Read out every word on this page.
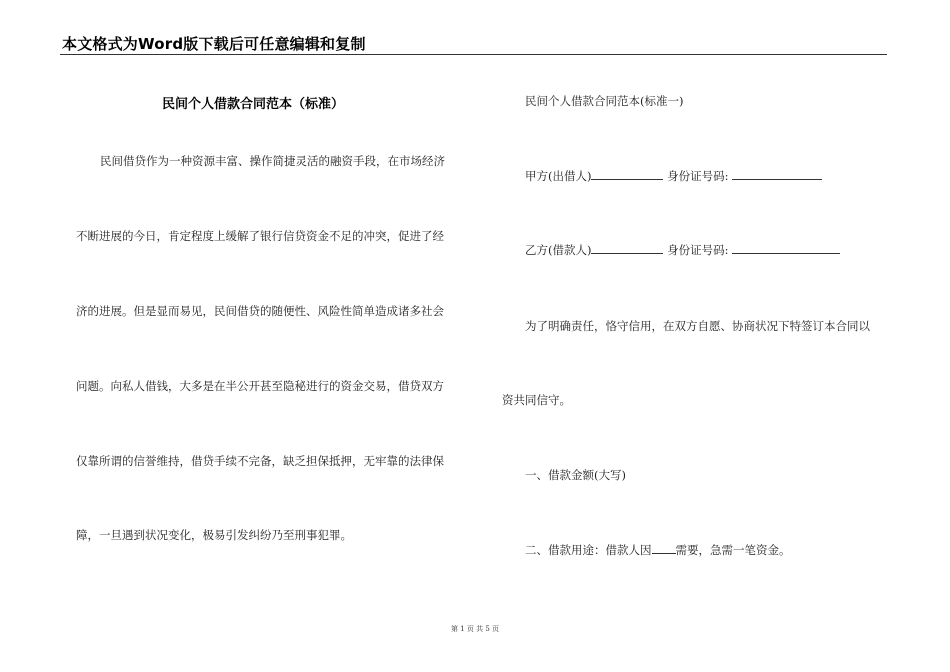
本文格式为Word版下载后可任意编辑和复制
民间个人借款合同范本（标准）
民间借贷作为一种资源丰富、操作简捷灵活的融资手段，在市场经济
不断进展的今日，肯定程度上缓解了银行信贷资金不足的冲突，促进了经
济的进展。但是显而易见，民间借贷的随便性、风险性简单造成诸多社会
问题。向私人借钱，大多是在半公开甚至隐秘进行的资金交易，借贷双方
仅靠所谓的信誉维持，借贷手续不完备，缺乏担保抵押，无牢靠的法律保
障，一旦遇到状况变化，极易引发纠纷乃至刑事犯罪。
民间个人借款合同范本(标准一)
甲方(出借人)	身份证号码:
乙方(借款人)	身份证号码:
为了明确责任，恪守信用，在双方自愿、协商状况下特签订本合同以
资共同信守。
一、借款金额(大写)
二、借款用途：借款人因 需要，急需一笔资金。
第 1 页 共 5 页
